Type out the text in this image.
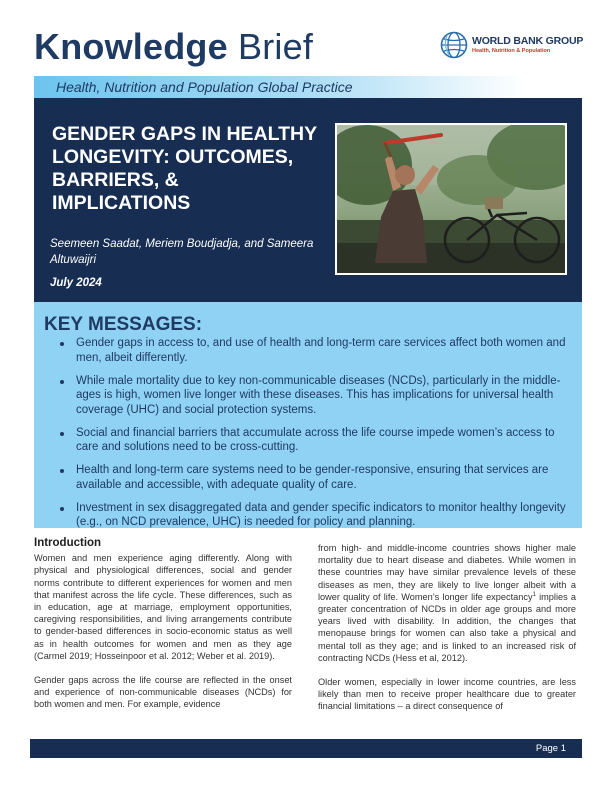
Knowledge Brief	WORLD BANK GROUP
Health, Nutrition & Population
Health, Nutrition and Population Global Practice
GENDER GAPS IN HEALTHY LONGEVITY: OUTCOMES, BARRIERS, & IMPLICATIONS
Seemeen Saadat, Meriem Boudjadja, and Sameera Altuwaijri
July 2024
KEY MESSAGES:
Gender gaps in access to, and use of health and long-term care services affect both women and men, albeit differently.
While male mortality due to key non-communicable diseases (NCDs), particularly in the middle-ages is high, women live longer with these diseases. This has implications for universal health coverage (UHC) and social protection systems.
Social and financial barriers that accumulate across the life course impede women’s access to care and solutions need to be cross-cutting.
Health and long-term care systems need to be gender-responsive, ensuring that services are available and accessible, with adequate quality of care.
Investment in sex disaggregated data and gender specific indicators to monitor healthy longevity (e.g., on NCD prevalence, UHC) is needed for policy and planning.
Introduction

Women and men experience aging differently. Along with physical and physiological differences, social and gender norms contribute to different experiences for women and men that manifest across the life cycle. These differences, such as in education, age at marriage, employment opportunities, caregiving responsibilities, and living arrangements contribute to gender-based differences in socio-economic status as well as in health outcomes for women and men as they age (Carmel 2019; Hosseinpoor et al. 2012; Weber et al. 2019).

Gender gaps across the life course are reflected in the onset and experience of non-communicable diseases (NCDs) for both women and men. For example, evidence

from high- and middle-income countries shows higher male mortality due to heart disease and diabetes. While women in these countries may have similar prevalence levels of these diseases as men, they are likely to live longer albeit with a lower quality of life. Women’s longer life expectancy$^1$ implies a greater concentration of NCDs in older age groups and more years lived with disability. In addition, the changes that menopause brings for women can also take a physical and mental toll as they age; and is linked to an increased risk of contracting NCDs (Hess et al, 2012).

Older women, especially in lower income countries, are less likely than men to receive proper healthcare due to greater financial limitations – a direct consequence of

Page 1
